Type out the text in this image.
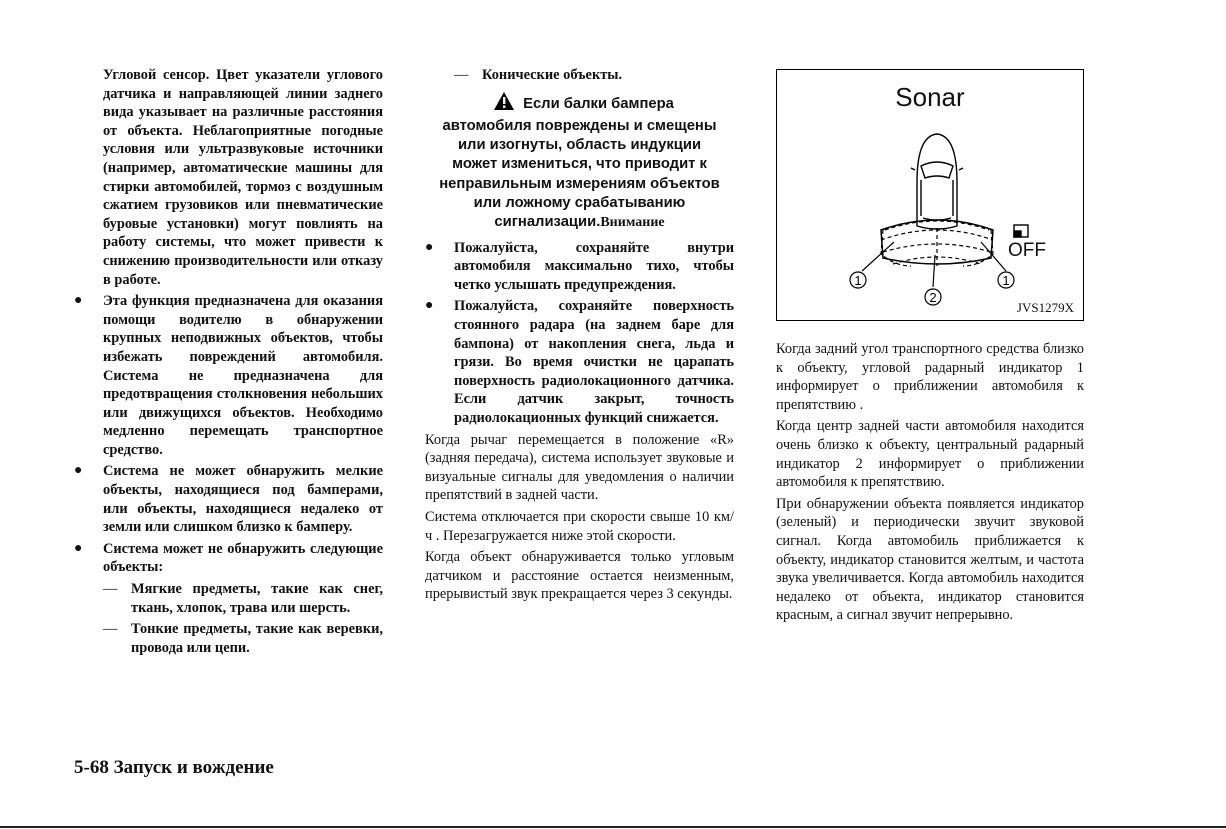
Угловой сенсор. Цвет указатели углового датчика и направляющей линии заднего вида указывает на различные расстояния от объекта. Неблагоприятные погодные условия или ультразвуковые источники (например, автоматические машины для стирки автомобилей, тормоз с воздушным сжатием грузовиков или пневматические буровые установки) могут повлиять на работу системы, что может привести к снижению производительности или отказу в работе.

● Эта функция предназначена для оказания помощи водителю в обнаружении крупных неподвижных объектов, чтобы избежать повреждений автомобиля. Система не предназначена для предотвращения столкновения небольших или движущихся объектов. Необходимо медленно перемещать транспортное средство.

● Система не может обнаружить мелкие объекты, находящиеся под бамперами, или объекты, находящиеся недалеко от земли или слишком близко к бамперу.

● Система может не обнаружить следующие объекты:

— Мягкие предметы, такие как снег, ткань, хлопок, трава или шерсть.

— Тонкие предметы, такие как веревки, провода или цепи.

— Конические объекты.

Если балки бампера
автомобиля повреждены и смещены
или изогнуты, область индукции
может измениться, что приводит к
неправильным измерениям объектов
или ложному срабатыванию
сигнализации.Внимание

● Пожалуйста, сохраняйте внутри автомобиля максимально тихо, чтобы четко услышать предупреждения.

● Пожалуйста, сохраняйте поверхность стоянного радара (на заднем баре для бампона) от накопления снега, льда и грязи. Во время очистки не царапать поверхность радиолокационного датчика. Если датчик закрыт, точность радиолокационных функций снижается.

Когда рычаг перемещается в положение «R» (задняя передача), система использует звуковые и визуальные сигналы для уведомления о наличии препятствий в задней части.

Система отключается при скорости свыше 10 км/ч . Перезагружается ниже этой скорости.

Когда объект обнаруживается только угловым датчиком и расстояние остается неизменным, прерывистый звук прекращается через 3 секунды.

Sonar
1
2
1
OFF
JVS1279X

Когда задний угол транспортного средства близко к объекту, угловой радарный индикатор 1 информирует о приближении автомобиля к препятствию .

Когда центр задней части автомобиля находится очень близко к объекту, центральный радарный индикатор 2 информирует о приближении автомобиля к препятствию.

При обнаружении объекта появляется индикатор (зеленый) и периодически звучит звуковой сигнал. Когда автомобиль приближается к объекту, индикатор становится желтым, и частота звука увеличивается. Когда автомобиль находится недалеко от объекта, индикатор становится красным, а сигнал звучит непрерывно.

5-68 Запуск и вождение
